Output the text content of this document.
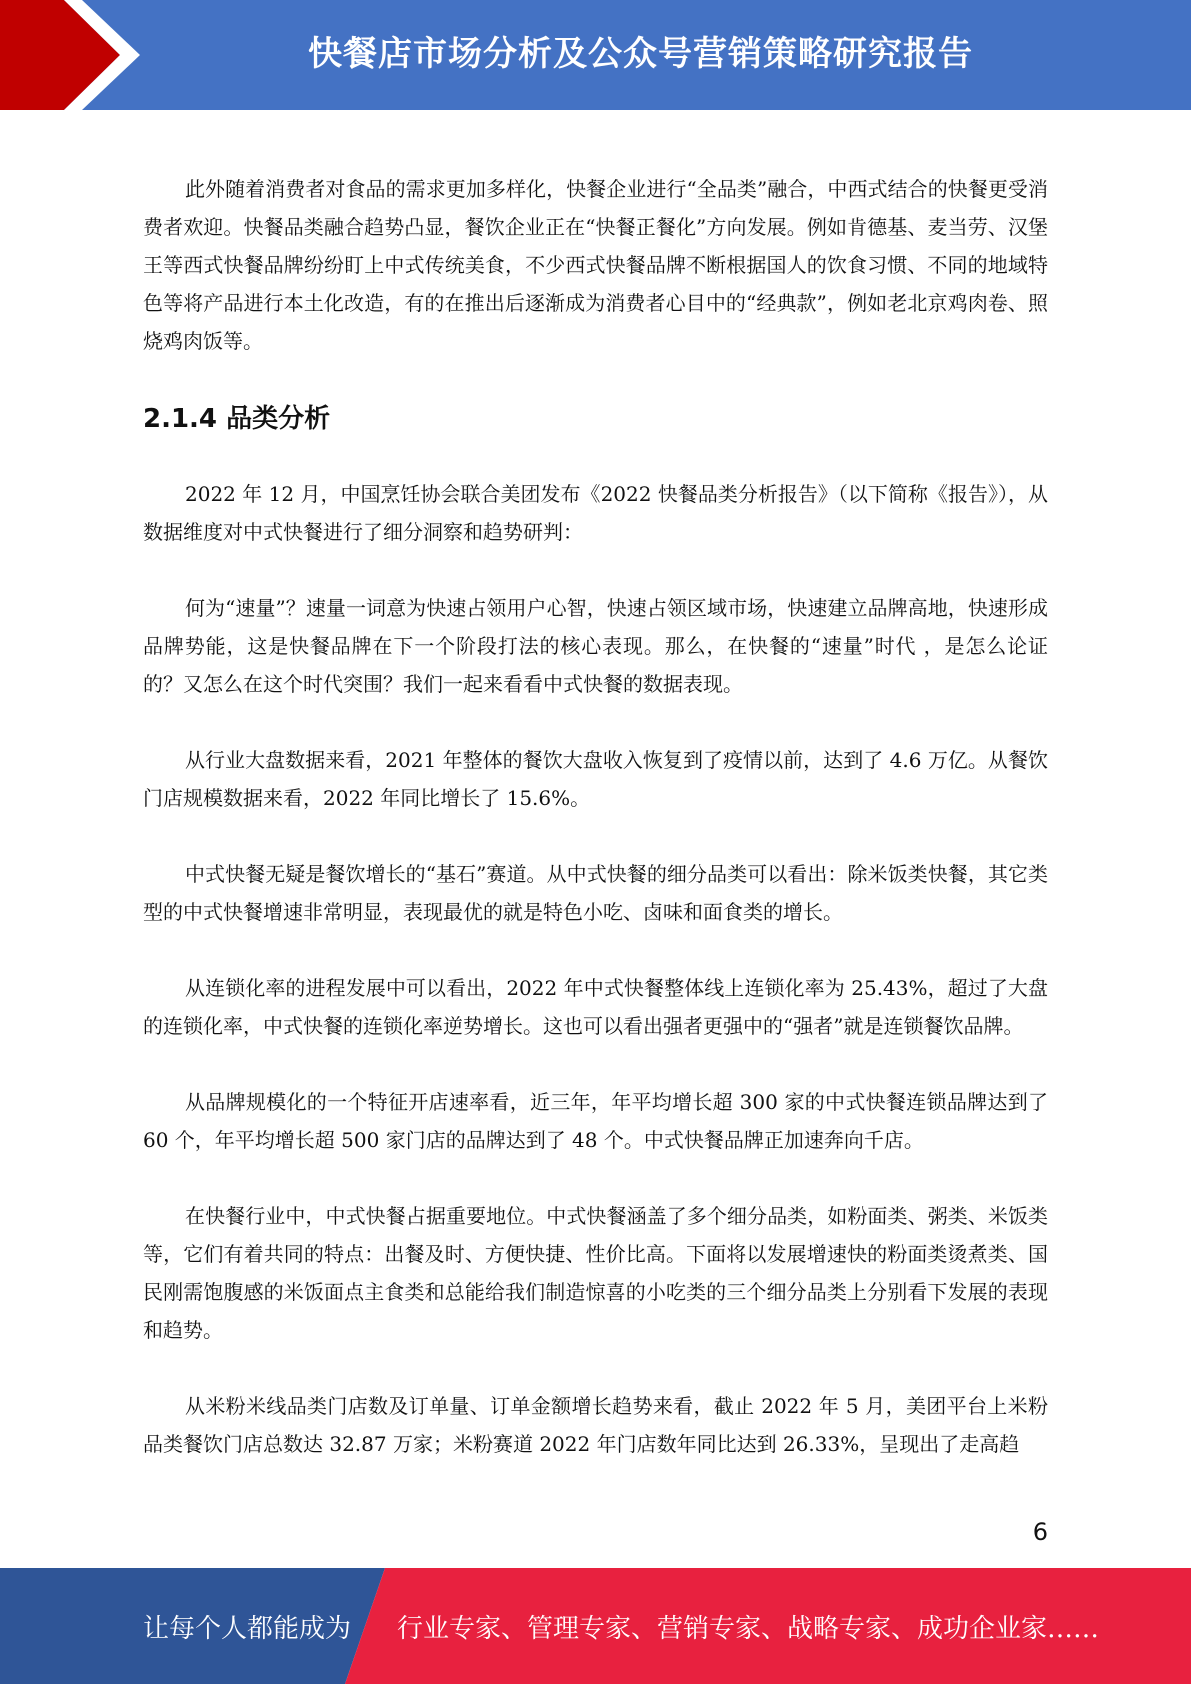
快餐店市场分析及公众号营销策略研究报告

此外随着消费者对食品的需求更加多样化，快餐企业进行“全品类”融合，中西式结合的快餐更受消费者欢迎。快餐品类融合趋势凸显，餐饮企业正在“快餐正餐化”方向发展。例如肯德基、麦当劳、汉堡王等西式快餐品牌纷纷盯上中式传统美食，不少西式快餐品牌不断根据国人的饮食习惯、不同的地域特色等将产品进行本土化改造，有的在推出后逐渐成为消费者心目中的“经典款”，例如老北京鸡肉卷、照烧鸡肉饭等。

2.1.4 品类分析

2022 年 12 月，中国烹饪协会联合美团发布《2022 快餐品类分析报告》（以下简称《报告》），从数据维度对中式快餐进行了细分洞察和趋势研判：

何为“速量”？速量一词意为快速占领用户心智，快速占领区域市场，快速建立品牌高地，快速形成品牌势能，这是快餐品牌在下一个阶段打法的核心表现。那么，在快餐的“速量”时代 ，是怎么论证的？又怎么在这个时代突围？我们一起来看看中式快餐的数据表现。

从行业大盘数据来看，2021 年整体的餐饮大盘收入恢复到了疫情以前，达到了 4.6 万亿。从餐饮门店规模数据来看，2022 年同比增长了 15.6%。

中式快餐无疑是餐饮增长的“基石”赛道。从中式快餐的细分品类可以看出：除米饭类快餐，其它类型的中式快餐增速非常明显，表现最优的就是特色小吃、卤味和面食类的增长。

从连锁化率的进程发展中可以看出，2022 年中式快餐整体线上连锁化率为 25.43%，超过了大盘的连锁化率，中式快餐的连锁化率逆势增长。这也可以看出强者更强中的“强者”就是连锁餐饮品牌。

从品牌规模化的一个特征开店速率看，近三年，年平均增长超 300 家的中式快餐连锁品牌达到了 60 个，年平均增长超 500 家门店的品牌达到了 48 个。中式快餐品牌正加速奔向千店。

在快餐行业中，中式快餐占据重要地位。中式快餐涵盖了多个细分品类，如粉面类、粥类、米饭类等，它们有着共同的特点：出餐及时、方便快捷、性价比高。下面将以发展增速快的粉面类烫煮类、国民刚需饱腹感的米饭面点主食类和总能给我们制造惊喜的小吃类的三个细分品类上分别看下发展的表现和趋势。

从米粉米线品类门店数及订单量、订单金额增长趋势来看，截止 2022 年 5 月，美团平台上米粉品类餐饮门店总数达 32.87 万家；米粉赛道 2022 年门店数年同比达到 26.33%，呈现出了走高趋

6
让每个人都能成为 行业专家、管理专家、营销专家、战略专家、成功企业家……
